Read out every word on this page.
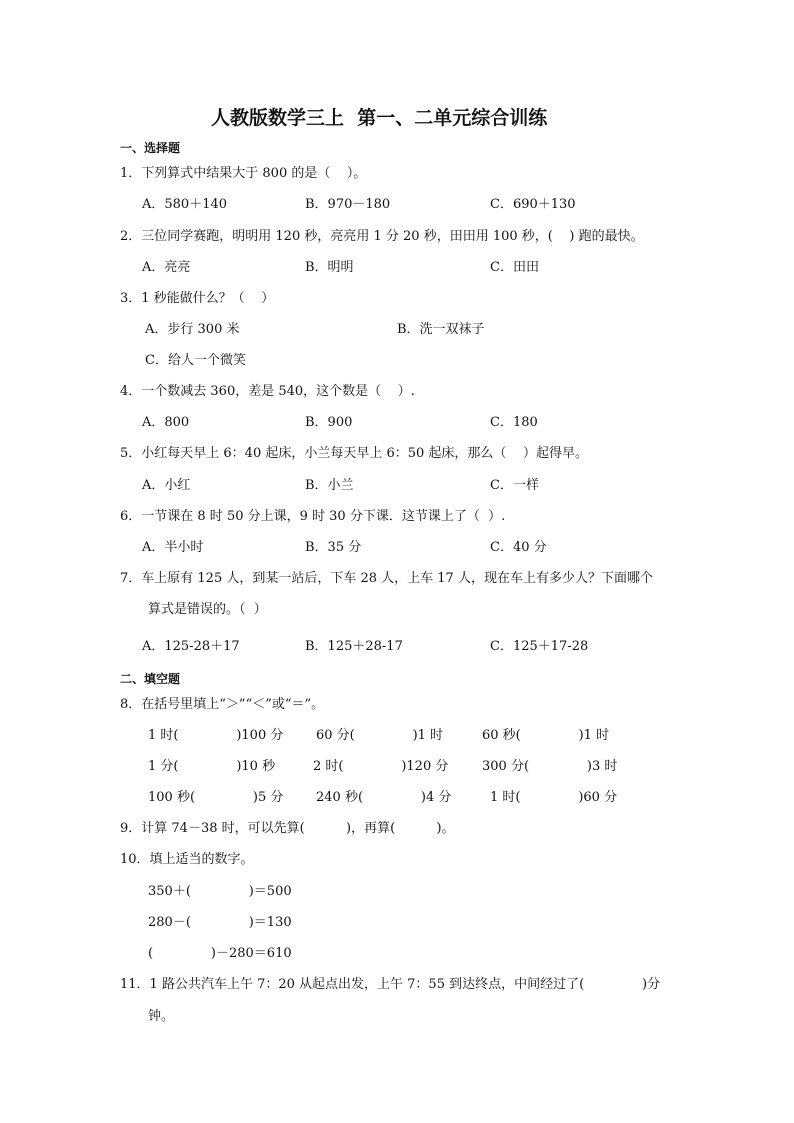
人教版数学三上  第一、二单元综合训练
一、选择题
1．下列算式中结果大于 800 的是（    ）。
A．580＋140	B．970－180	C．690＋130
2．三位同学赛跑，明明用 120 秒，亮亮用 1 分 20 秒，田田用 100 秒，(    ) 跑的最快。
A．亮亮	B．明明	C．田田
3．1 秒能做什么？（    ）
A．步行 300 米	B．洗一双袜子
C．给人一个微笑
4．一个数减去 360，差是 540，这个数是（    ）.
A．800	B．900	C．180
5．小红每天早上 6：40 起床，小兰每天早上 6：50 起床，那么（    ）起得早。
A．小红	B．小兰	C．一样
6．一节课在 8 时 50 分上课，9 时 30 分下课．这节课上了（  ）.
A．半小时	B．35 分	C．40 分
7．车上原有 125 人，到某一站后，下车 28 人，上车 17 人，现在车上有多少人？下面哪个
算式是错误的。（  ）
A．125-28＋17	B．125＋28-17	C．125＋17-28
二、填空题
8．在括号里填上“＞”“＜”或“＝”。
1 时(              )100 分	60 分(              )1 时	60 秒(              )1 时
1 分(              )10 秒	2 时(              )120 分	300 分(              )3 时
100 秒(              )5 分	240 秒(              )4 分	1 时(              )60 分
9．计算 74－38 时，可以先算(          )，再算(          )。
10．填上适当的数字。
350＋(              )＝500
280－(              )＝130
(              )－280＝610
11．1 路公共汽车上午 7：20 从起点出发，上午 7：55 到达终点，中间经过了(              )分
钟。
